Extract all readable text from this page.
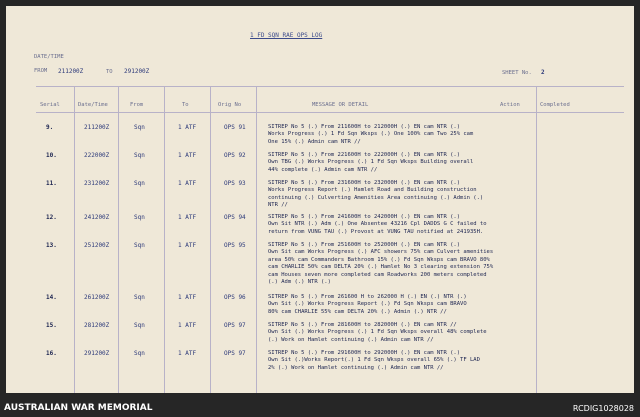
1 FD SQN RAE OPS LOG
DATE/TIME
FROM 211200Z	TO 291200Z	SHEET No. 2
Serial	Date/Time	From	To	Orig No	MESSAGE OR DETAIL	Action	Completed
9.	211200Z	Sqn	1 ATF	OPS 91	SITREP No 5 (.) From 211600H to 212000H (.) EN cam NTR (.)
Works Progress (.) 1 Fd Sqn Wksps (.) One 100% cam Two 25% cam
One 15% (.) Admin cam NTR //
10.	222000Z	Sqn	1 ATF	OPS 92	SITREP No 5 (.) From 221600H to 222000H (.) EN cam NTR (.)
Own TBG (.) Works Progress (.) 1 Fd Sqn Wksps Building overall
44% complete (.) Admin cam NTR //
11.	231200Z	Sqn	1 ATF	OPS 93	SITREP No 5 (.) From 231600H to 232000H (.) EN cam NTR (.)
Works Progress Report (.) Hamlet Road and Building construction
continuing (.) Culverting Amenities Area continuing (.) Admin (.)
NTR //
12.	241200Z	Sqn	1 ATF	OPS 94	SITREP No 5 (.) From 241600H to 242000H (.) EN cam NTR (.)
Own Sit NTR (.) Adm (.) One Absentee 43216 Cpl DADDS G C failed to
return from VUNG TAU (.) Provost at VUNG TAU notified at 241935H.
13.	251200Z	Sqn	1 ATF	OPS 95	SITREP No 5 (.) From 251600H to 252000H (.) EN cam NTR (.)
Own Sit cam Works Progress (.) AFC showers 75% cam Culvert amenities
area 50% cam Commanders Bathroom 15% (.) Fd Sqn Wksps cam BRAVO 80%
cam CHARLIE 50% cam DELTA 20% (.) Hamlet No 3 clearing extension 75%
cam Houses seven more completed cam Roadworks 200 meters completed
(.) Adm (.) NTR (.)
14.	261200Z	Sqn	1 ATF	OPS 96	SITREP No 5 (.) From 261600 H to 262000 H (.) EN (.) NTR (.)
Own Sit (.) Works Progress Report (.) Fd Sqn Wksps cam BRAVO
80% cam CHARLIE 55% cam DELTA 20% (.) Admin (.) NTR //
15.	281200Z	Sqn	1 ATF	OPS 97	SITREP No 5 (.) From 281600H to 282000H (.) EN cam NTR //
Own Sit (.) Works Progress (.) 1 Fd Sqn Wksps overall 48% complete
(.) Work on Hamlet continuing (.) Admin cam NTR //
16.	291200Z	Sqn	1 ATF	OPS 97	SITREP No 5 (.) From 291600H to 292000H (.) EN cam NTR (.)
Own Sit (.)Works Report(.) 1 Fd Sqn Wksps overall 65% (.) TF LAD
2% (.) Work on Hamlet continuing (.) Admin cam NTR //
AUSTRALIAN WAR MEMORIAL	RCDIG1028028
